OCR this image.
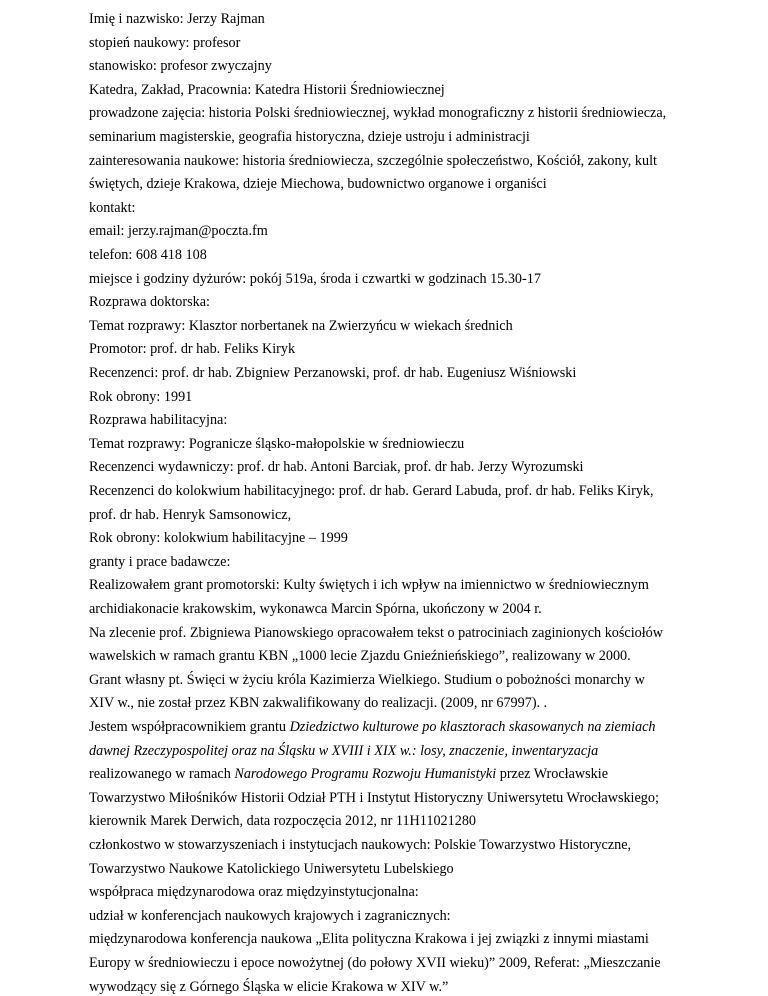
Imię i nazwisko: Jerzy Rajman
stopień naukowy: profesor
stanowisko: profesor zwyczajny
Katedra, Zakład, Pracownia: Katedra Historii Średniowiecznej
prowadzone zajęcia: historia Polski średniowiecznej, wykład monograficzny z historii średniowiecza,
seminarium magisterskie, geografia historyczna, dzieje ustroju i administracji
zainteresowania naukowe: historia średniowiecza, szczególnie społeczeństwo, Kościół, zakony, kult
świętych, dzieje Krakowa, dzieje Miechowa, budownictwo organowe i organiści
kontakt:
email: jerzy.rajman@poczta.fm
telefon: 608 418 108
miejsce i godziny dyżurów: pokój 519a, środa i czwartki w godzinach 15.30-17
Rozprawa doktorska:
Temat rozprawy: Klasztor norbertanek na Zwierzyńcu w wiekach średnich
Promotor: prof. dr hab. Feliks Kiryk
Recenzenci: prof. dr hab. Zbigniew Perzanowski, prof. dr hab. Eugeniusz Wiśniowski
Rok obrony: 1991
Rozprawa habilitacyjna:
Temat rozprawy: Pogranicze śląsko-małopolskie w średniowieczu
Recenzenci wydawniczy: prof. dr hab. Antoni Barciak, prof. dr hab. Jerzy Wyrozumski
Recenzenci do kolokwium habilitacyjnego: prof. dr hab. Gerard Labuda, prof. dr hab. Feliks Kiryk,
prof. dr hab. Henryk Samsonowicz,
Rok obrony: kolokwium habilitacyjne – 1999
granty i prace badawcze:
Realizowałem grant promotorski: Kulty świętych i ich wpływ na imiennictwo w średniowiecznym
archidiakonacie krakowskim, wykonawca Marcin Spórna, ukończony w 2004 r.
Na zlecenie prof. Zbigniewa Pianowskiego opracowałem tekst o patrociniach zaginionych kościołów
wawelskich w ramach grantu KBN „1000 lecie Zjazdu Gnieźnieńskiego”, realizowany w 2000.
Grant własny pt. Święci w życiu króla Kazimierza Wielkiego. Studium o pobożności monarchy w
XIV w., nie został przez KBN zakwalifikowany do realizacji. (2009, nr 67997). .
Jestem współpracownikiem grantu Dziedzictwo kulturowe po klasztorach skasowanych na ziemiach
dawnej Rzeczypospolitej oraz na Śląsku w XVIII i XIX w.: losy, znaczenie, inwentaryzacja
realizowanego w ramach Narodowego Programu Rozwoju Humanistyki przez Wrocławskie
Towarzystwo Miłośników Historii Odział PTH i Instytut Historyczny Uniwersytetu Wrocławskiego;
kierownik Marek Derwich, data rozpoczęcia 2012, nr 11H11021280
członkostwo w stowarzyszeniach i instytucjach naukowych: Polskie Towarzystwo Historyczne,
Towarzystwo Naukowe Katolickiego Uniwersytetu Lubelskiego
współpraca międzynarodowa oraz międzyinstytucjonalna:
udział w konferencjach naukowych krajowych i zagranicznych:
międzynarodowa konferencja naukowa „Elita polityczna Krakowa i jej związki z innymi miastami
Europy w średniowieczu i epoce nowożytnej (do połowy XVII wieku)” 2009, Referat: „Mieszczanie
wywodzący się z Górnego Śląska w elicie Krakowa w XIV w.”
